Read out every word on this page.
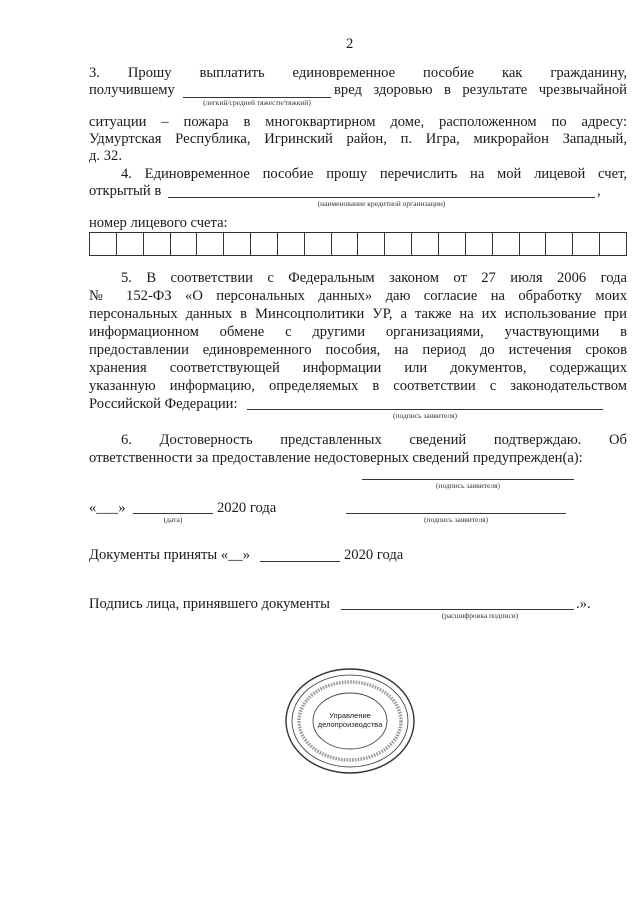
2
3. Прошу выплатить единовременное пособие как гражданину,
получившему
(легкий/средней тяжести/тяжкий)
вред здоровью в результате чрезвычайной
ситуации – пожара в многоквартирном доме, расположенном по адресу:
Удмуртская Республика, Игринский район, п. Игра, микрорайон Западный,
д. 32.
4. Единовременное пособие прошу перечислить на мой лицевой счет,
открытый в	,
(наименование кредитной организации)
номер лицевого счета:
5. В соответствии с Федеральным законом от 27 июля 2006 года
№ 152-ФЗ «О персональных данных» даю согласие на обработку моих
персональных данных в Минсоцполитики УР, а также на их использование при
информационном обмене с другими организациями, участвующими в
предоставлении единовременного пособия, на период до истечения сроков
хранения соответствующей информации или документов, содержащих
указанную информацию, определяемых в соответствии с законодательством
Российской Федерации:
(подпись заявителя)
6. Достоверность представленных сведений подтверждаю. Об
ответственности за предоставление недостоверных сведений предупрежден(а):
(подпись заявителя)
«___»	2020 года
(дата)	(подпись заявителя)
Документы приняты «__»	2020 года
Подпись лица, принявшего документы	.».
(расшифровка подписи)
Управление
делопроизводства
